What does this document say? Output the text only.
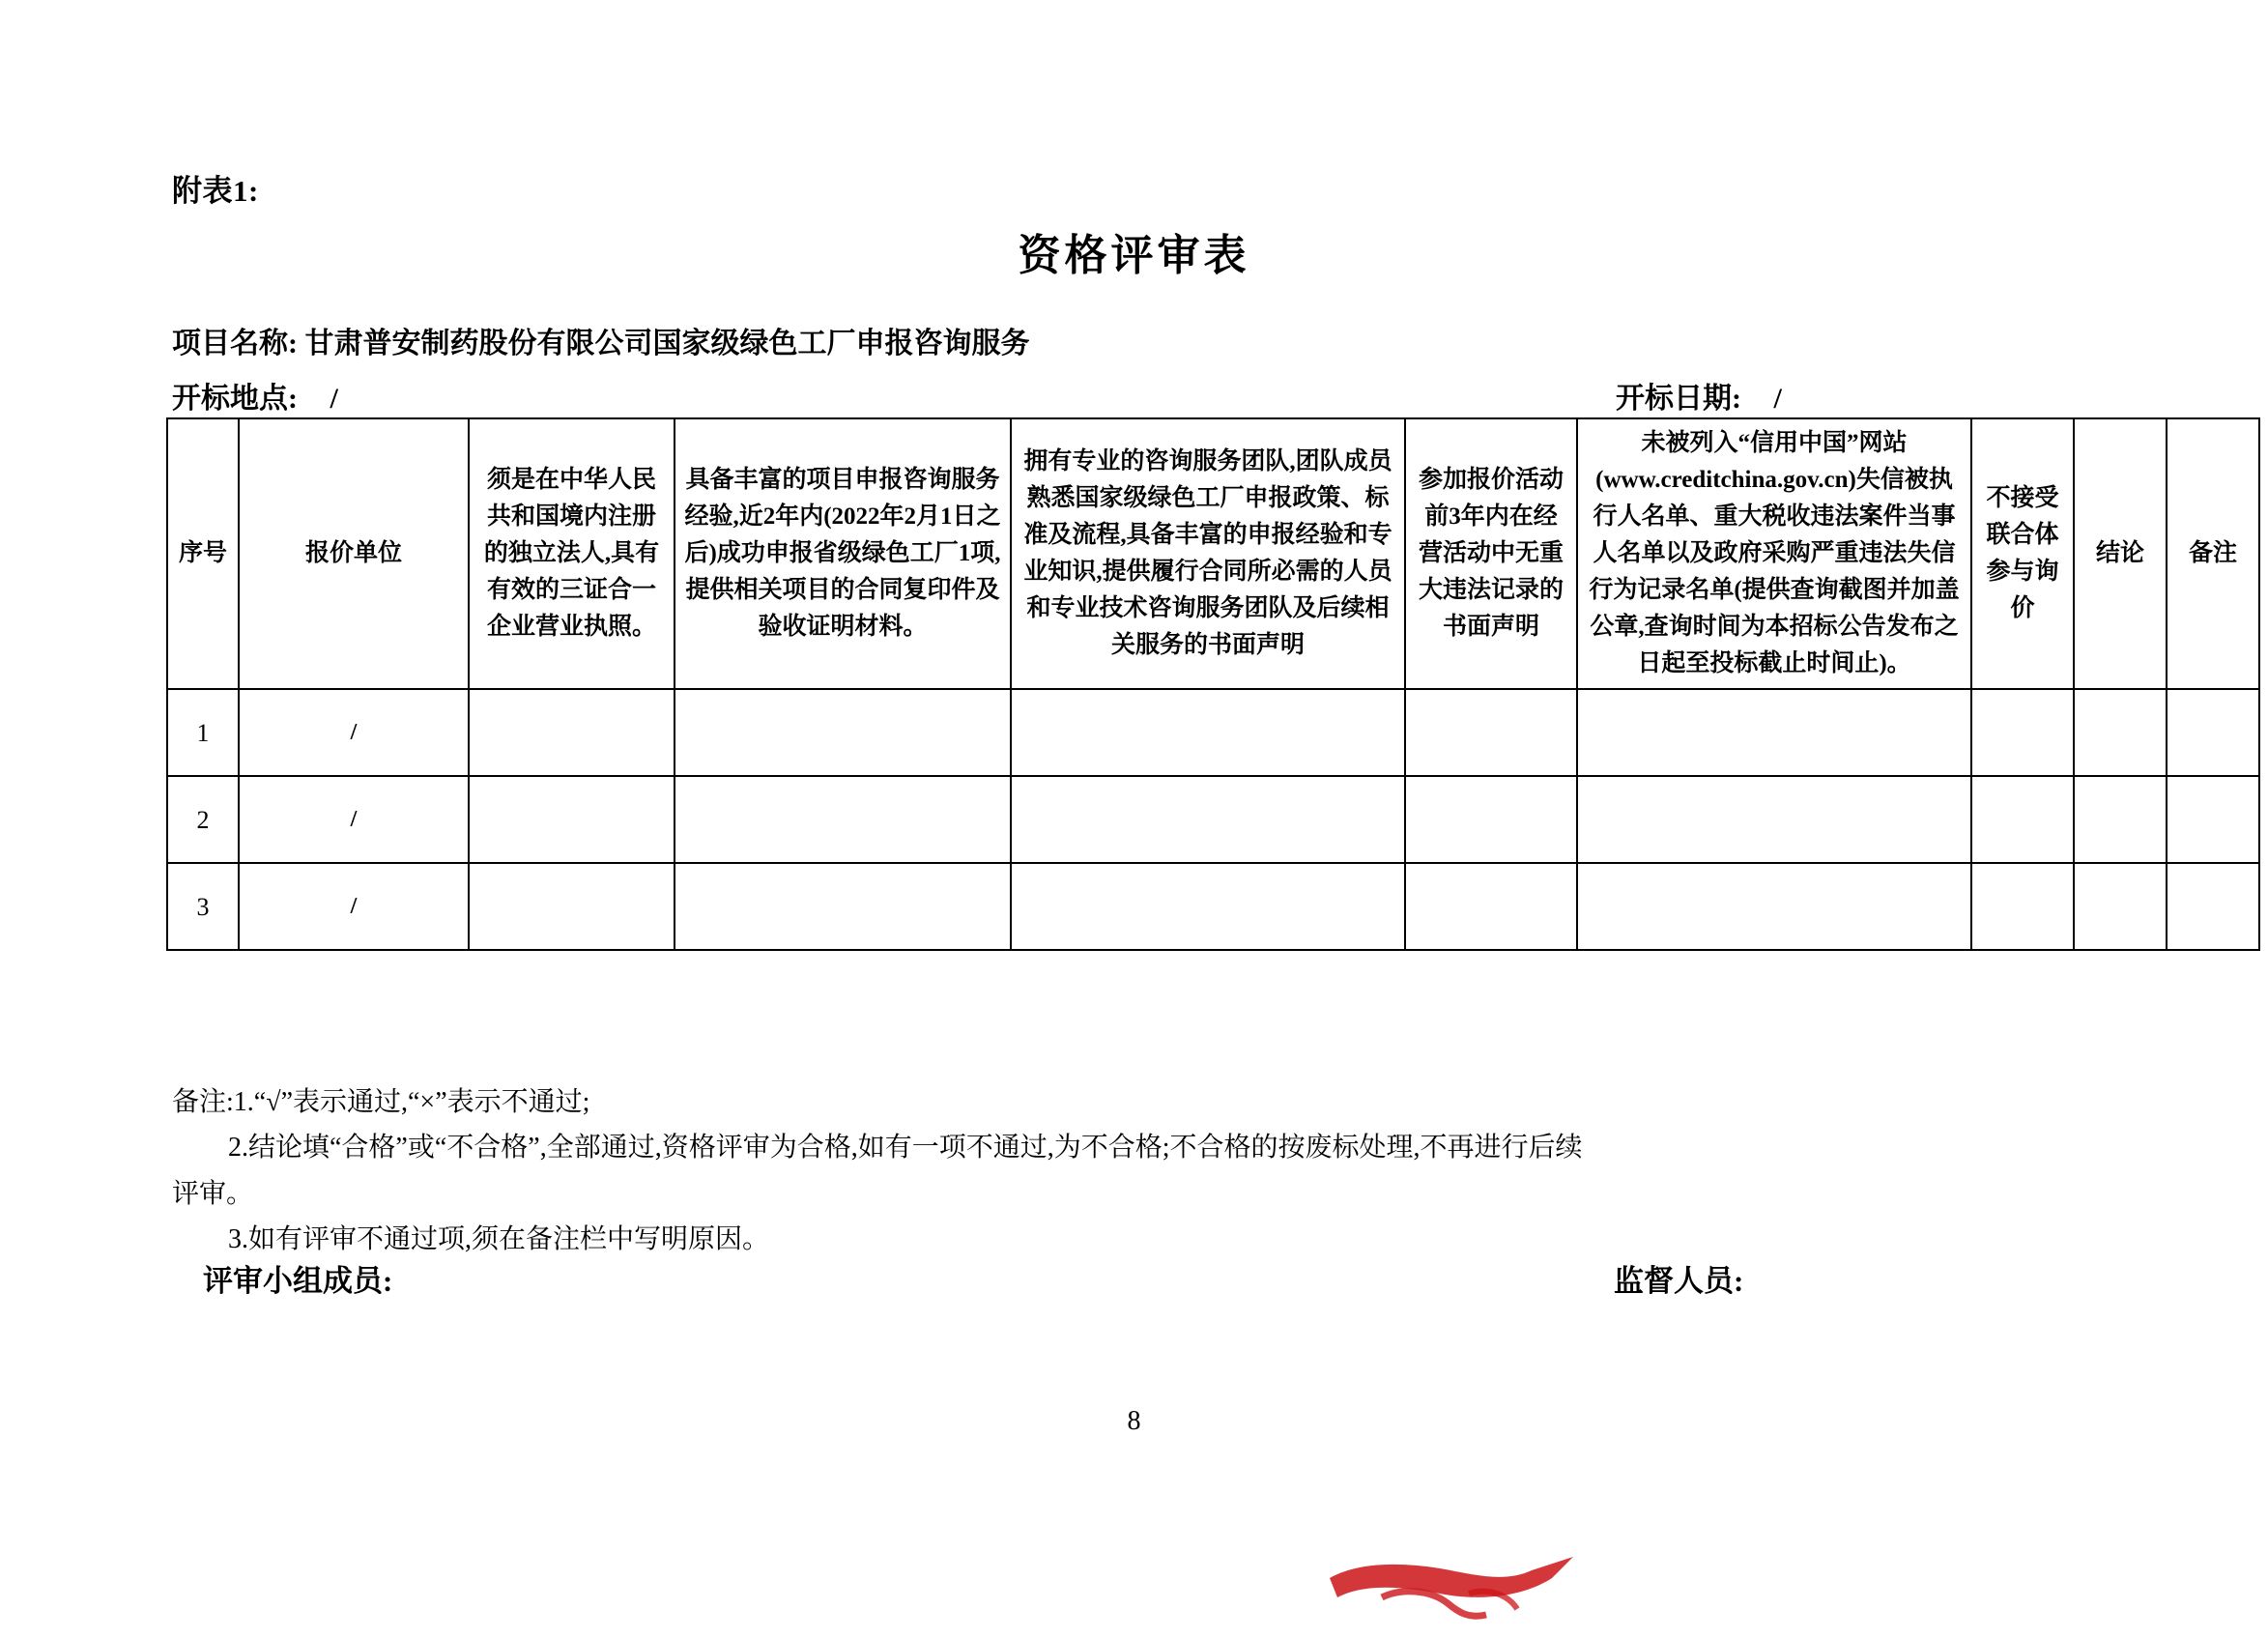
附表1:
资格评审表
项目名称: 甘肃普安制药股份有限公司国家级绿色工厂申报咨询服务
开标地点: /	开标日期: /
序号	报价单位	须是在中华人民共和国境内注册的独立法人,具有有效的三证合一企业营业执照。	具备丰富的项目申报咨询服务经验,近2年内(2022年2月1日之后)成功申报省级绿色工厂1项,提供相关项目的合同复印件及验收证明材料。	拥有专业的咨询服务团队,团队成员熟悉国家级绿色工厂申报政策、标准及流程,具备丰富的申报经验和专业知识,提供履行合同所必需的人员和专业技术咨询服务团队及后续相关服务的书面声明	参加报价活动前3年内在经营活动中无重大违法记录的书面声明	未被列入“信用中国”网站(www.creditchina.gov.cn)失信被执行人名单、重大税收违法案件当事人名单以及政府采购严重违法失信行为记录名单(提供查询截图并加盖公章,查询时间为本招标公告发布之日起至投标截止时间止)。	不接受联合体参与询价	结论	备注
1	/								
2	/								
3	/								

备注:1.“√”表示通过,“×”表示不通过;

2.结论填“合格”或“不合格”,全部通过,资格评审为合格,如有一项不通过,为不合格;不合格的按废标处理,不再进行后续

评审。

3.如有评审不通过项,须在备注栏中写明原因。

评审小组成员:	监督人员:
8
